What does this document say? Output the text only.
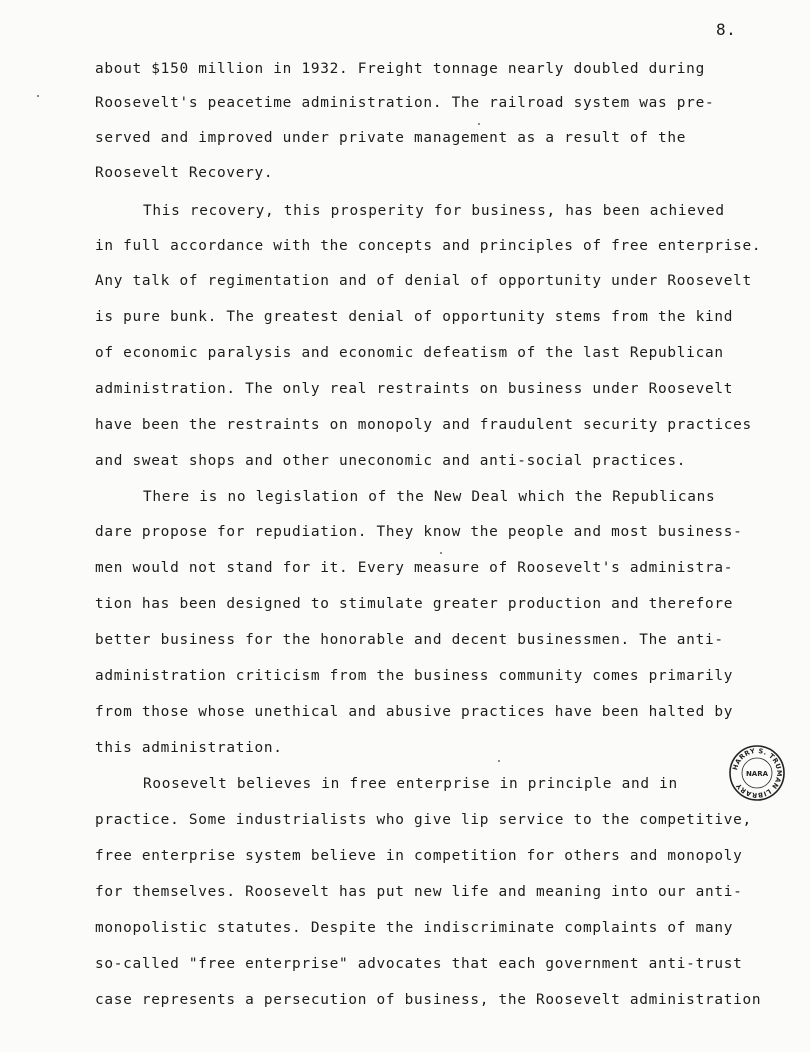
8.
about $150 million in 1932. Freight tonnage nearly doubled during
Roosevelt's peacetime administration. The railroad system was pre-
served and improved under private management as a result of the
Roosevelt Recovery.
This recovery, this prosperity for business, has been achieved
in full accordance with the concepts and principles of free enterprise.
Any talk of regimentation and of denial of opportunity under Roosevelt
is pure bunk. The greatest denial of opportunity stems from the kind
of economic paralysis and economic defeatism of the last Republican
administration. The only real restraints on business under Roosevelt
have been the restraints on monopoly and fraudulent security practices
and sweat shops and other uneconomic and anti-social practices.
There is no legislation of the New Deal which the Republicans
dare propose for repudiation. They know the people and most business-
men would not stand for it. Every measure of Roosevelt's administra-
tion has been designed to stimulate greater production and therefore
better business for the honorable and decent businessmen. The anti-
administration criticism from the business community comes primarily
from those whose unethical and abusive practices have been halted by
this administration.
Roosevelt believes in free enterprise in principle and in
practice. Some industrialists who give lip service to the competitive,
free enterprise system believe in competition for others and monopoly
for themselves. Roosevelt has put new life and meaning into our anti-
monopolistic statutes. Despite the indiscriminate complaints of many
so-called "free enterprise" advocates that each government anti-trust
case represents a persecution of business, the Roosevelt administration
HARRY S. TRUMAN LIBRARY
NARA
